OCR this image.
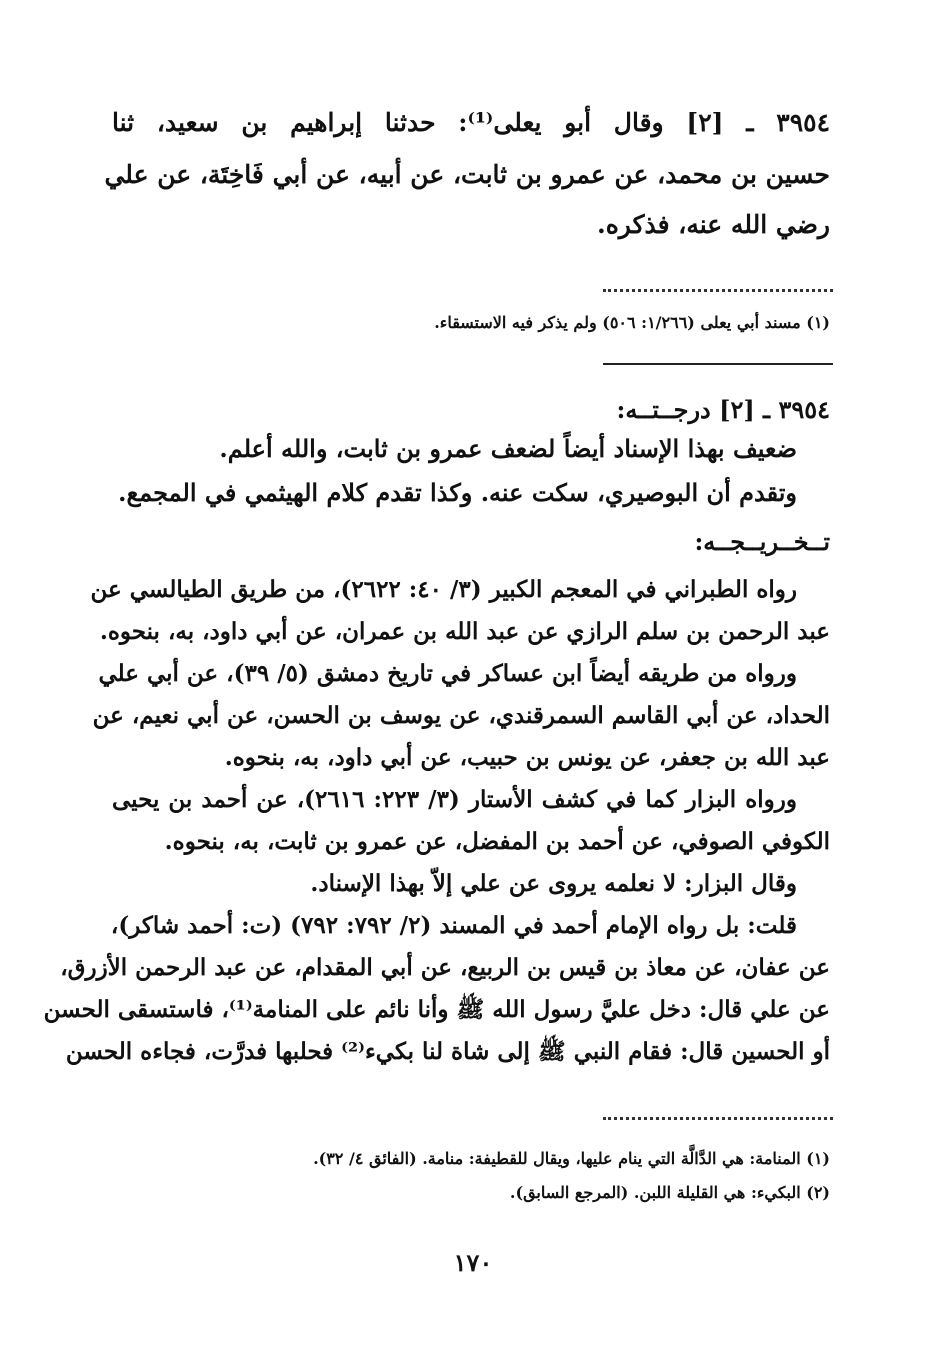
٣٩٥٤ ـ [٢] وقال أبو يعلى⁽¹⁾: حدثنا إبراهيم بن سعيد، ثنا
حسين بن محمد، عن عمرو بن ثابت، عن أبيه، عن أبي فَاخِتَة، عن علي
رضي الله عنه، فذكره.
(١) مسند أبي يعلى (١/٢٦٦: ٥٠٦) ولم يذكر فيه الاستسقاء.
٣٩٥٤ ـ [٢] درجــتــه:
ضعيف بهذا الإسناد أيضاً لضعف عمرو بن ثابت، والله أعلم.
وتقدم أن البوصيري، سكت عنه. وكذا تقدم كلام الهيثمي في المجمع.
تــخــريــجــه:
رواه الطبراني في المعجم الكبير (٣/ ٤٠: ٢٦٢٢)، من طريق الطيالسي عن
عبد الرحمن بن سلم الرازي عن عبد الله بن عمران، عن أبي داود، به، بنحوه.
ورواه من طريقه أيضاً ابن عساكر في تاريخ دمشق (٥/ ٣٩)، عن أبي علي
الحداد، عن أبي القاسم السمرقندي، عن يوسف بن الحسن، عن أبي نعيم، عن
عبد الله بن جعفر، عن يونس بن حبيب، عن أبي داود، به، بنحوه.
ورواه البزار كما في كشف الأستار (٣/ ٢٢٣: ٢٦١٦)، عن أحمد بن يحيى
الكوفي الصوفي، عن أحمد بن المفضل، عن عمرو بن ثابت، به، بنحوه.
وقال البزار: لا نعلمه يروى عن علي إلاّ بهذا الإسناد.
قلت: بل رواه الإمام أحمد في المسند (٢/ ٧٩٢: ٧٩٢) (ت: أحمد شاكر)،
عن عفان، عن معاذ بن قيس بن الربيع، عن أبي المقدام، عن عبد الرحمن الأزرق،
عن علي قال: دخل عليَّ رسول الله ﷺ وأنا نائم على المنامة⁽¹⁾، فاستسقى الحسن
أو الحسين قال: فقام النبي ﷺ إلى شاة لنا بكيء⁽²⁾ فحلبها فدرَّت، فجاءه الحسن
(١) المنامة: هي الدَّالَّة التي ينام عليها، ويقال للقطيفة: منامة. (الفائق ٤/ ٣٢).
(٢) البكيء: هي القليلة اللبن. (المرجع السابق).
١٧٠
